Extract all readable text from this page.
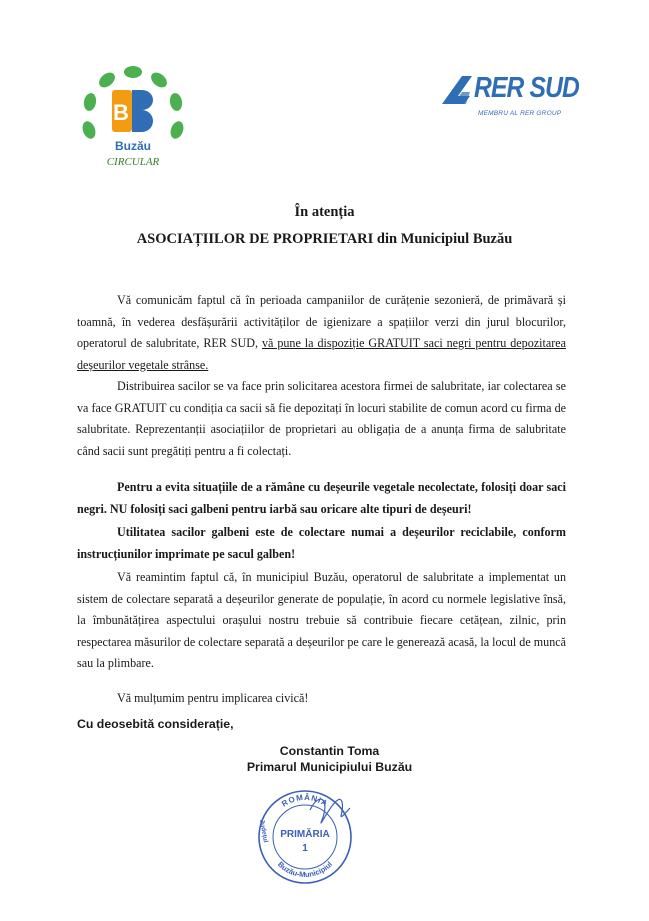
B
Buzău
CIRCULAR
RER SUD
MEMBRU AL RER GROUP
În atenția
ASOCIAȚIILOR DE PROPRIETARI din Municipiul Buzău

Vă comunicăm faptul că în perioada campaniilor de curățenie sezonieră, de primăvară și toamnă, în vederea desfășurării activităților de igienizare a spațiilor verzi din jurul blocurilor, operatorul de salubritate, RER SUD, vă pune la dispoziție GRATUIT saci negri pentru depozitarea deșeurilor vegetale strânse.

Distribuirea sacilor se va face prin solicitarea acestora firmei de salubritate, iar colectarea se va face GRATUIT cu condiția ca sacii să fie depozitați în locuri stabilite de comun acord cu firma de salubritate. Reprezentanții asociațiilor de proprietari au obligația de a anunța firma de salubritate când sacii sunt pregătiți pentru a fi colectați.

Pentru a evita situațiile de a rămâne cu deșeurile vegetale necolectate, folosiți doar saci negri. NU folosiți saci galbeni pentru iarbă sau oricare alte tipuri de deșeuri!

Utilitatea sacilor galbeni este de colectare numai a deșeurilor reciclabile, conform instrucțiunilor imprimate pe sacul galben!

Vă reamintim faptul că, în municipiul Buzău, operatorul de salubritate a implementat un sistem de colectare separată a deșeurilor generate de populație, în acord cu normele legislative însă, la îmbunătățirea aspectului orașului nostru trebuie să contribuie fiecare cetățean, zilnic, prin respectarea măsurilor de colectare separată a deșeurilor pe care le generează acasă, la locul de muncă sau la plimbare.

Vă mulțumim pentru implicarea civică!

Cu deosebită considerație,
Constantin Toma
Primarul Municipiului Buzău
ROMÂNIA
Județul
Buzău-Municipiul
PRIMĂRIA
1
